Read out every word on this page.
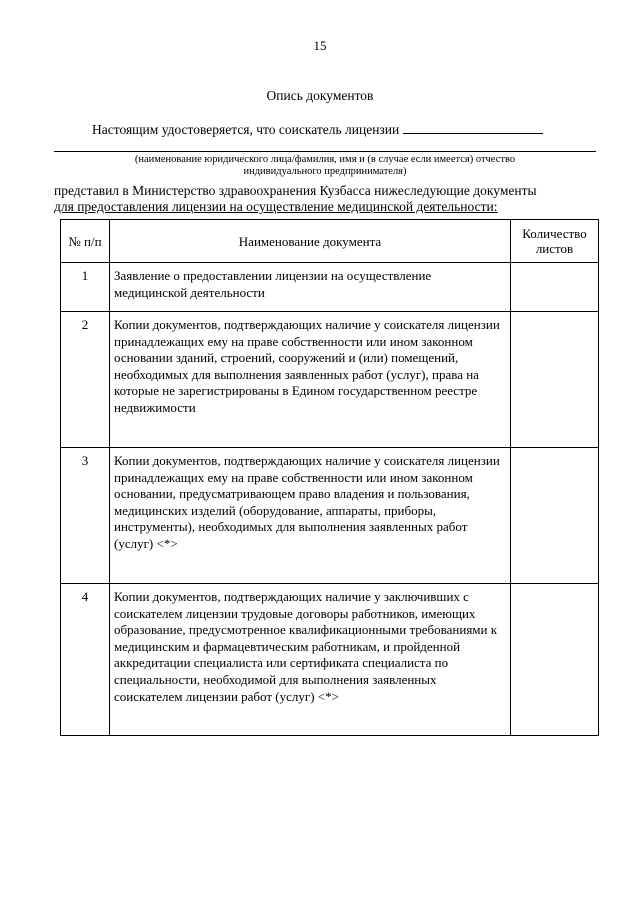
15
Опись документов
Настоящим удостоверяется, что соискатель лицензии
(наименование юридического лица/фамилия, имя и (в случае если имеется) отчество
индивидуального предпринимателя)
представил в Министерство здравоохранения Кузбасса нижеследующие документы
для предоставления лицензии на осуществление медицинской деятельности:
№ п/п	Наименование документа	Количество листов
1	Заявление о предоставлении лицензии на осуществление медицинской деятельности	
2	Копии документов, подтверждающих наличие у соискателя лицензии принадлежащих ему на праве собственности или ином законном основании зданий, строений, сооружений и (или) помещений, необходимых для выполнения заявленных работ (услуг), права на которые не зарегистрированы в Едином государственном реестре недвижимости	
3	Копии документов, подтверждающих наличие у соискателя лицензии принадлежащих ему на праве собственности или ином законном основании, предусматривающем право владения и пользования, медицинских изделий (оборудование, аппараты, приборы, инструменты), необходимых для выполнения заявленных работ (услуг) <*>	
4	Копии документов, подтверждающих наличие у заключивших с соискателем лицензии трудовые договоры работников, имеющих образование, предусмотренное квалификационными требованиями к медицинским и фармацевтическим работникам, и пройденной аккредитации специалиста или сертификата специалиста по специальности, необходимой для выполнения заявленных соискателем лицензии работ (услуг) <*>	
